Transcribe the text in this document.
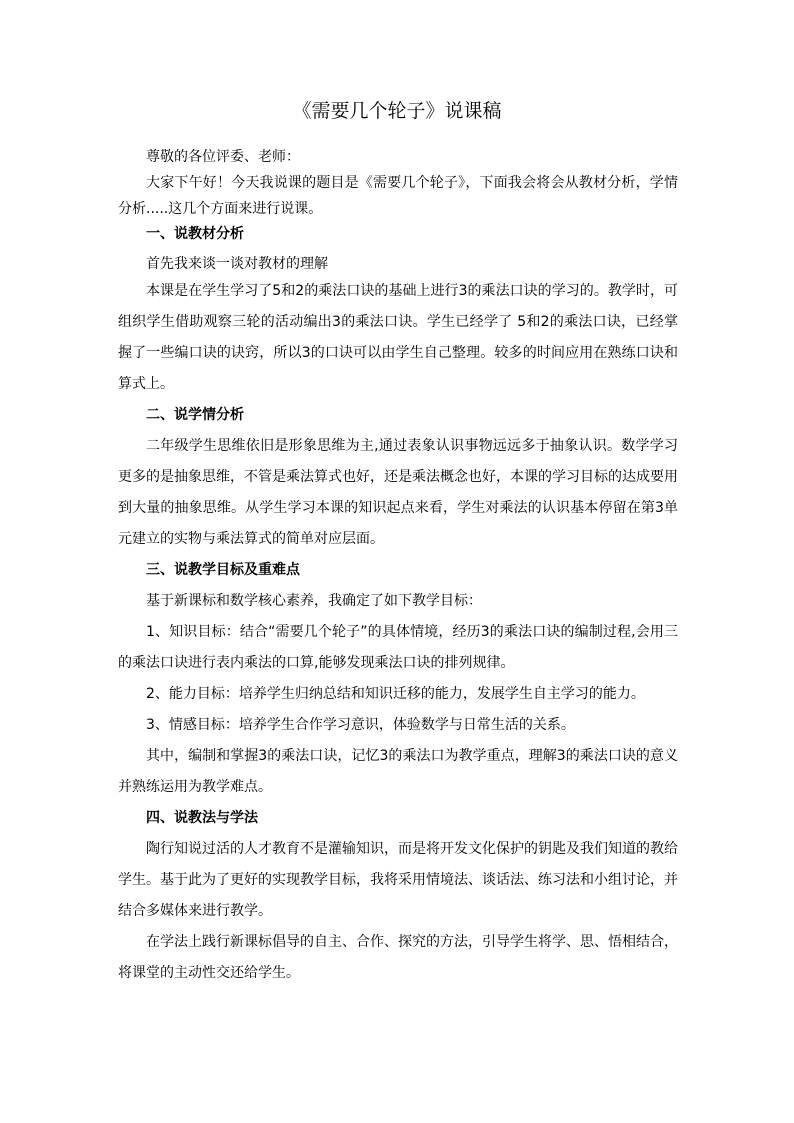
《需要几个轮子》说课稿

尊敬的各位评委、老师：

大家下午好！今天我说课的题目是《需要几个轮子》，下面我会将会从教材分析，学情分析.....这几个方面来进行说课。

一、说教材分析

首先我来谈一谈对教材的理解

本课是在学生学习了5和2的乘法口诀的基础上进行3的乘法口诀的学习的。教学时，可组织学生借助观察三轮的活动编出3的乘法口诀。学生已经学了 5和2的乘法口诀，已经掌握了一些编口诀的诀窍，所以3的口诀可以由学生自己整理。较多的时间应用在熟练口诀和算式上。

二、说学情分析

二年级学生思维依旧是形象思维为主,通过表象认识事物远远多于抽象认识。数学学习更多的是抽象思维，不管是乘法算式也好，还是乘法概念也好，本课的学习目标的达成要用到大量的抽象思维。从学生学习本课的知识起点来看，学生对乘法的认识基本停留在第3单元建立的实物与乘法算式的简单对应层面。

三、说教学目标及重难点

基于新课标和数学核心素养，我确定了如下教学目标：

1、知识目标：结合“需要几个轮子”的具体情境，经历3的乘法口诀的编制过程,会用三的乘法口诀进行表内乘法的口算,能够发现乘法口诀的排列规律。

2、能力目标：培养学生归纳总结和知识迁移的能力，发展学生自主学习的能力。

3、情感目标：培养学生合作学习意识，体验数学与日常生活的关系。

其中，编制和掌握3的乘法口诀，记忆3的乘法口为教学重点，理解3的乘法口诀的意义并熟练运用为教学难点。

四、说教法与学法

陶行知说过活的人才教育不是灌输知识，而是将开发文化保护的钥匙及我们知道的教给学生。基于此为了更好的实现教学目标，我将采用情境法、谈话法、练习法和小组讨论，并结合多媒体来进行教学。

在学法上践行新课标倡导的自主、合作、探究的方法，引导学生将学、思、悟相结合，将课堂的主动性交还给学生。
